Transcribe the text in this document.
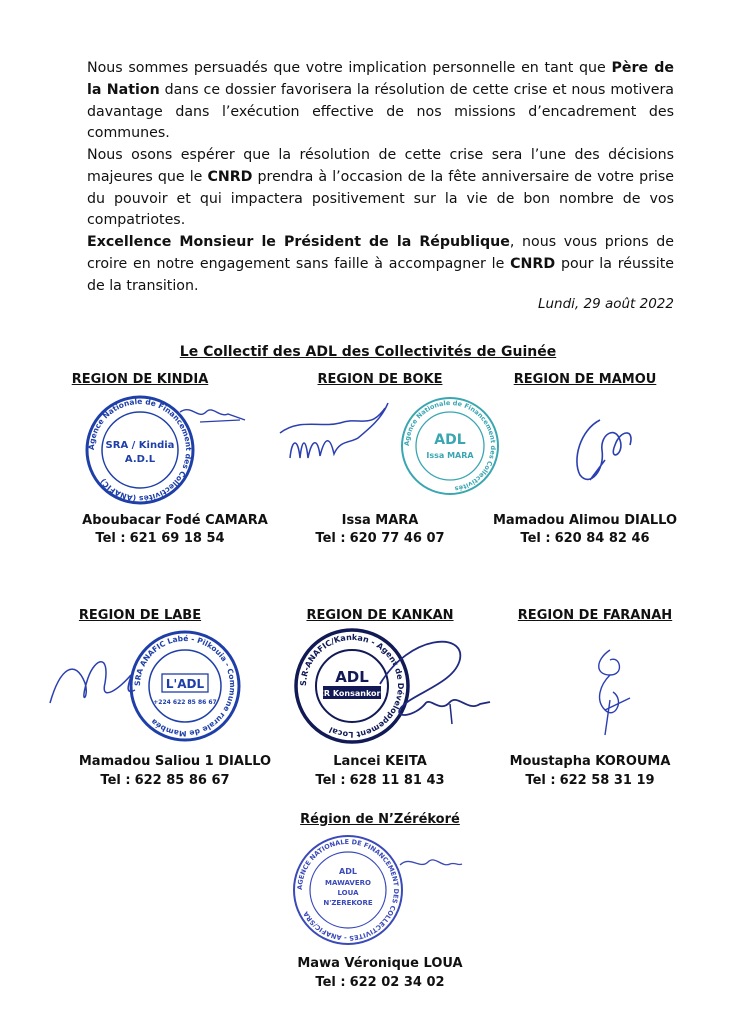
Nous sommes persuadés que votre implication personnelle en tant que Père de la Nation dans ce dossier favorisera la résolution de cette crise et nous motivera davantage dans l’exécution effective de nos missions d’encadrement des communes.

Nous osons espérer que la résolution de cette crise sera l’une des décisions majeures que le CNRD prendra à l’occasion de la fête anniversaire de votre prise du pouvoir et qui impactera positivement sur la vie de bon nombre de vos compatriotes.

Excellence Monsieur le Président de la République, nous vous prions de croire en notre engagement sans faille à accompagner le CNRD pour la réussite de la transition.

Lundi, 29 août 2022
Le Collectif des ADL des Collectivités de Guinée
REGION DE KINDIA	REGION DE BOKE	REGION DE MAMOU
Agence Nationale de Financement des Collectivités (ANAFIC)
SRA / Kindia
A.D.L
Agence Nationale de Financement des Collectivités
ADL
Issa MARA
Aboubacar Fodé CAMARA	Issa MARA	Mamadou Alimou DIALLO
Tel : 621 69 18 54	Tel : 620 77 46 07	Tel : 620 84 82 46
REGION DE LABE	REGION DE KANKAN	REGION DE FARANAH
SRA ANAFIC Labé - Pilkouia - Commune rurale de Mambéa
L'ADL
+224 622 85 86 67
S.R-ANAFIC/Kankan - Agent de Développement Local
ADL
CR Konsankoro
Mamadou Saliou 1 DIALLO	Lancei KEITA	Moustapha KOROUMA
Tel : 622 85 86 67	Tel : 628 11 81 43	Tel : 622 58 31 19
Région de N’Zérékoré
AGENCE NATIONALE DE FINANCEMENT DES COLLECTIVITES - ANAFIC/SRA
ADL
MAWAVERO
LOUA
N'ZEREKORE
Mawa Véronique LOUA
Tel : 622 02 34 02
